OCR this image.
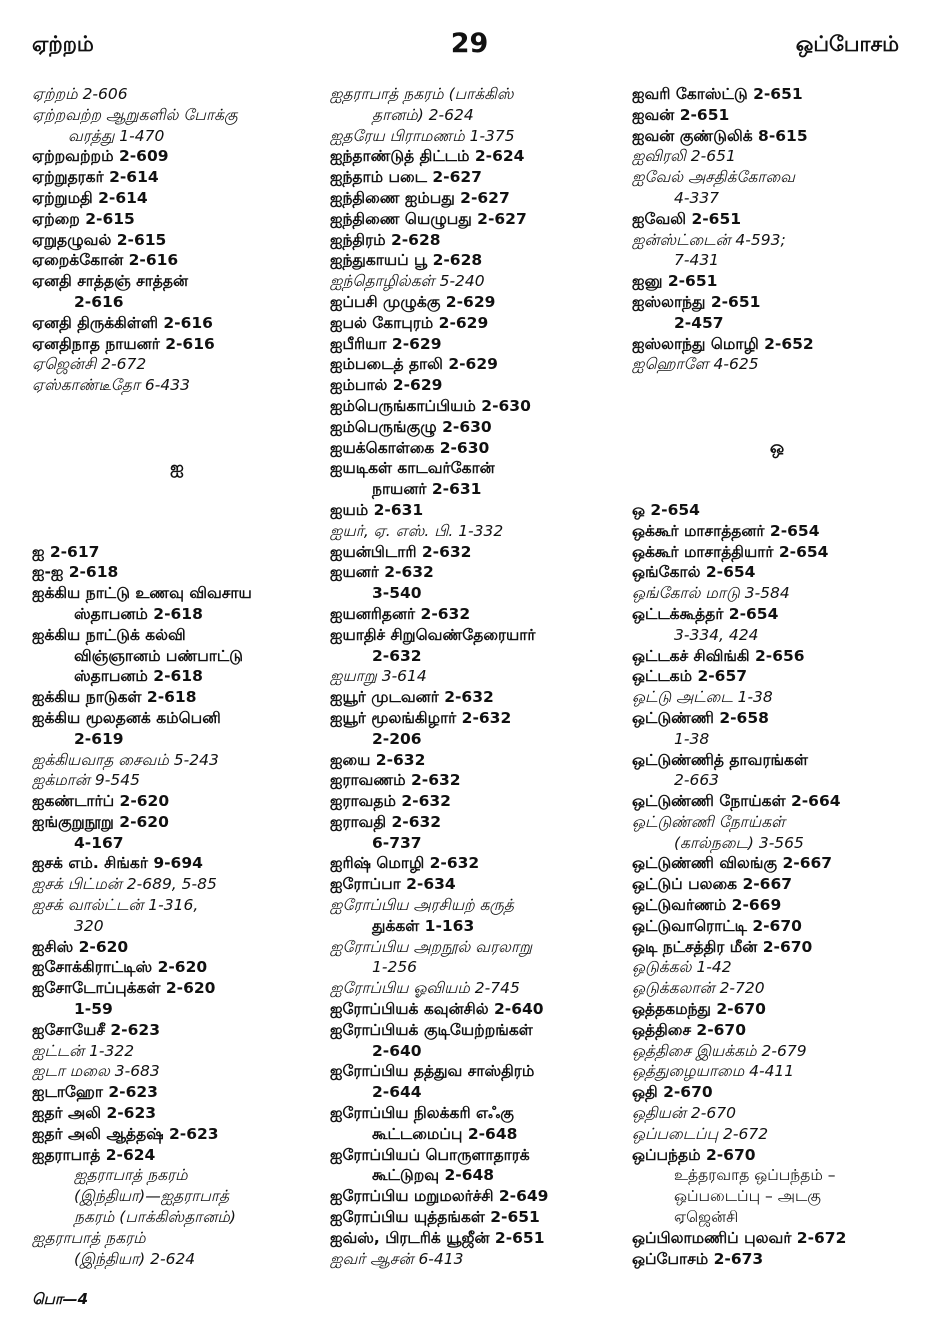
ஏற்றம்	29	ஒப்போசம்
ஏற்றம் 2-606
ஏற்றவற்ற ஆறுகளில் போக்கு
வரத்து 1-470
ஏற்றவற்றம் 2-609
ஏற்றுதரகர் 2-614
ஏற்றுமதி 2-614
ஏற்றை 2-615
ஏறுதழுவல் 2-615
ஏறைக்கோன் 2-616
ஏனதி சாத்தஞ் சாத்தன்
2-616
ஏனதி திருக்கிள்ளி 2-616
ஏனதிநாத நாயனர் 2-616
ஏஜென்சி 2-672
ஏஸ்காண்டீதோ 6-433
ஐ
ஐ 2-617
ஐ-ஐ 2-618
ஐக்கிய நாட்டு உணவு விவசாய
ஸ்தாபனம் 2-618
ஐக்கிய நாட்டுக் கல்வி
விஞ்ஞானம் பண்பாட்டு
ஸ்தாபனம் 2-618
ஐக்கிய நாடுகள் 2-618
ஐக்கிய மூலதனக் கம்பெனி
2-619
ஐக்கியவாத சைவம் 5-243
ஐக்மான் 9-545
ஐகண்டார்ப் 2-620
ஐங்குறுநூறு 2-620
4-167
ஐசக் எம். சிங்கர் 9-694
ஐசக் பிட்மன் 2-689, 5-85
ஐசக் வால்ட்டன் 1-316,
320
ஐசிஸ் 2-620
ஐசோக்கிராட்டிஸ் 2-620
ஐசோடோப்புக்கள் 2-620
1-59
ஐசோயேசீ 2-623
ஐட்டன் 1-322
ஐடா மலை 3-683
ஐடாஹோ 2-623
ஐதர் அலி 2-623
ஐதர் அலி ஆத்தஷ் 2-623
ஐதராபாத் 2-624
ஐதராபாத் நகரம்
(இந்தியா)—ஐதராபாத்
நகரம் (பாக்கிஸ்தானம்)
ஐதராபாத் நகரம்
(இந்தியா) 2-624
ஐதராபாத் நகரம் (பாக்கிஸ்
தானம்) 2-624
ஐதரேய பிராமணம் 1-375
ஐந்தாண்டுத் திட்டம் 2-624
ஐந்தாம் படை 2-627
ஐந்திணை ஐம்பது 2-627
ஐந்திணை யெழுபது 2-627
ஐந்திரம் 2-628
ஐந்துகாயப் பூ 2-628
ஐந்தொழில்கள் 5-240
ஐப்பசி முழுக்கு 2-629
ஐபல் கோபுரம் 2-629
ஐபீரியா 2-629
ஐம்படைத் தாலி 2-629
ஐம்பால் 2-629
ஐம்பெருங்காப்பியம் 2-630
ஐம்பெருங்குழு 2-630
ஐயக்கொள்கை 2-630
ஐயடிகள் காடவர்கோன்
நாயனர் 2-631
ஐயம் 2-631
ஐயர், ஏ. எஸ். பி. 1-332
ஐயன்பிடாரி 2-632
ஐயனர் 2-632
3-540
ஐயனரிதனர் 2-632
ஐயாதிச் சிறுவெண்தேரையார்
2-632
ஐயாறு 3-614
ஐயூர் முடவனர் 2-632
ஐயூர் மூலங்கிழார் 2-632
2-206
ஐயை 2-632
ஐராவணம் 2-632
ஐராவதம் 2-632
ஐராவதி 2-632
6-737
ஐரிஷ் மொழி 2-632
ஐரோப்பா 2-634
ஐரோப்பிய அரசியற் கருத்
துக்கள் 1-163
ஐரோப்பிய அறநூல் வரலாறு
1-256
ஐரோப்பிய ஓவியம் 2-745
ஐரோப்பியக் கவுன்சில் 2-640
ஐரோப்பியக் குடியேற்றங்கள்
2-640
ஐரோப்பிய தத்துவ சாஸ்திரம்
2-644
ஐரோப்பிய நிலக்கரி எஃகு
கூட்டமைப்பு 2-648
ஐரோப்பியப் பொருளாதாரக்
கூட்டுறவு 2-648
ஐரோப்பிய மறுமலர்ச்சி 2-649
ஐரோப்பிய யுத்தங்கள் 2-651
ஐவ்ஸ், பிரடரிக் யூஜீன் 2-651
ஐவர் ஆசன் 6-413
ஐவரி கோஸ்ட்டு 2-651
ஐவன் 2-651
ஐவன் குண்டுலிக் 8-615
ஐவிரலி 2-651
ஐவேல் அசதிக்கோவை
4-337
ஐவேலி 2-651
ஐன்ஸ்ட்டைன் 4-593;
7-431
ஐனு 2-651
ஐஸ்லாந்து 2-651
2-457
ஐஸ்லாந்து மொழி 2-652
ஐஹொளே 4-625
ஒ
ஒ 2-654
ஒக்கூர் மாசாத்தனர் 2-654
ஒக்கூர் மாசாத்தியார் 2-654
ஒங்கோல் 2-654
ஒங்கோல் மாடு 3-584
ஒட்டக்கூத்தர் 2-654
3-334, 424
ஒட்டகச் சிவிங்கி 2-656
ஒட்டகம் 2-657
ஒட்டு அட்டை 1-38
ஒட்டுண்ணி 2-658
1-38
ஒட்டுண்ணித் தாவரங்கள்
2-663
ஒட்டுண்ணி நோய்கள் 2-664
ஒட்டுண்ணி நோய்கள்
(கால்நடை) 3-565
ஒட்டுண்ணி விலங்கு 2-667
ஒட்டுப் பலகை 2-667
ஒட்டுவர்ணம் 2-669
ஒட்டுவாரொட்டி 2-670
ஒடி நட்சத்திர மீன் 2-670
ஒடுக்கல் 1-42
ஒடுக்கலான் 2-720
ஒத்தகமந்து 2-670
ஒத்திசை 2-670
ஒத்திசை இயக்கம் 2-679
ஒத்துழையாமை 4-411
ஒதி 2-670
ஒதியன் 2-670
ஒப்படைப்பு 2-672
ஒப்பந்தம் 2-670
உத்தரவாத ஒப்பந்தம் –
ஒப்படைப்பு – அடகு
ஏஜென்சி
ஒப்பிலாமணிப் புலவர் 2-672
ஒப்போசம் 2-673
பொ—4
